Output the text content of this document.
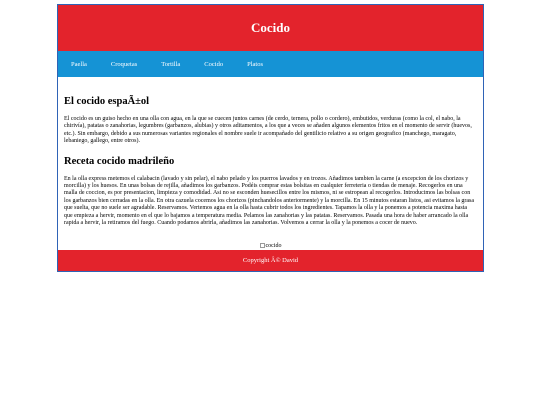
Cocido
Paella	Croquetas	Tortilla	Cocido	Platos
El cocido espaÃ±ol

El cocido es un guiso hecho en una olla con agua, en la que se cuecen juntos carnes (de cerdo, ternera, pollo o cordero), embutidos, verduras (como la col, el nabo, la chirivía), patatas o zanahorias, legumbres (garbanzos, alubias) y otros aditamentos, a los que a veces se añaden algunos elementos fritos en el momento de servir (huevos, etc.). Sin embargo, debido a sus numerosas variantes regionales el nombre suele ir acompañado del gentilicio relativo a su origen geografico (manchego, maragato, lebaniego, gallego, entre otros).

Receta cocido madrileño

En la olla express metemos el calabacin (lavado y sin pelar), el nabo pelado y los puerros lavados y en trozos. Añadimos tambien la carne (a excepcion de los chorizos y morcilla) y los huesos. En unas bolsas de rejilla, añadimos los garbanzos. Podéis comprar estas bolsitas en cualquier ferreteria o tiendas de menaje. Recogerlos en una malla de coccion, es por presentacion, limpieza y comodidad. Asi no se esconden huesecillos entre los mismos, ni se estropean al recogerlos. Introducimos las bolsas con los garbanzos bien cerradas en la olla. En otra cazuela cocemos los chorizos (pinchandolos anteriormente) y la morcilla. En 15 minutos estaran listos, asi evitamos la grasa que suelta, que no suele ser agradable. Reservamos. Vertemos agua en la olla hasta cubrir todos los ingredientes. Tapamos la olla y la ponemos a potencia maxima hasta que empieza a hervir, momento en el que lo bajamos a temperatura media. Pelamos las zanahorias y las patatas. Reservamos. Pasada una hora de haber arrancado la olla rapida a hervir, la retiramos del fuego. Cuando podamos abrirla, añadimos las zanahorias. Volvemos a cerrar la olla y la ponemos a cocer de nuevo.

cocido
Copyright Â© David
